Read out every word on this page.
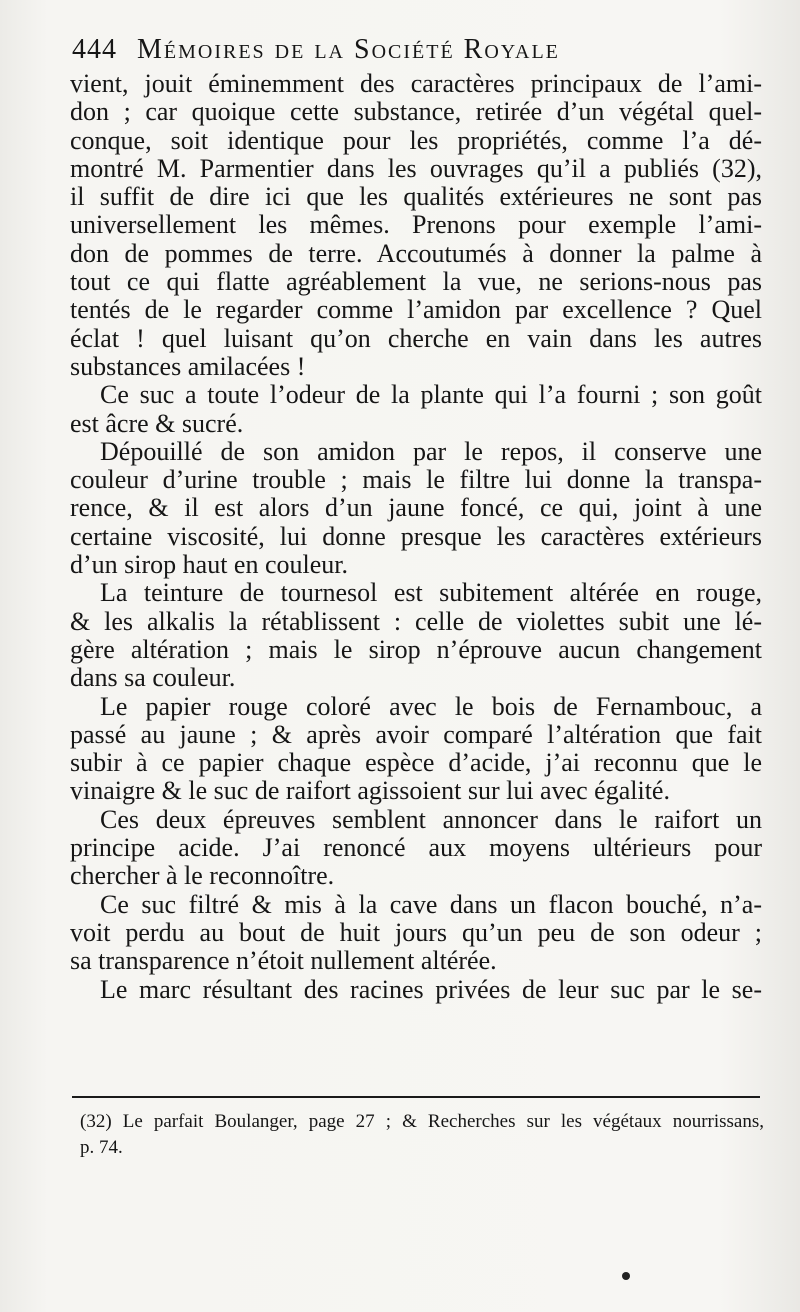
444 Mémoires de la Société Royale
vient, jouit éminemment des caractères principaux de l’ami-
don ; car quoique cette substance, retirée d’un végétal quel-
conque, soit identique pour les propriétés, comme l’a dé-
montré M. Parmentier dans les ouvrages qu’il a publiés (32),
il suffit de dire ici que les qualités extérieures ne sont pas
universellement les mêmes. Prenons pour exemple l’ami-
don de pommes de terre. Accoutumés à donner la palme à
tout ce qui flatte agréablement la vue, ne serions-nous pas
tentés de le regarder comme l’amidon par excellence ? Quel
éclat ! quel luisant qu’on cherche en vain dans les autres
substances amilacées !
Ce suc a toute l’odeur de la plante qui l’a fourni ; son goût
est âcre & sucré.
Dépouillé de son amidon par le repos, il conserve une
couleur d’urine trouble ; mais le filtre lui donne la transpa-
rence, & il est alors d’un jaune foncé, ce qui, joint à une
certaine viscosité, lui donne presque les caractères extérieurs
d’un sirop haut en couleur.
La teinture de tournesol est subitement altérée en rouge,
& les alkalis la rétablissent : celle de violettes subit une lé-
gère altération ; mais le sirop n’éprouve aucun changement
dans sa couleur.
Le papier rouge coloré avec le bois de Fernambouc, a
passé au jaune ; & après avoir comparé l’altération que fait
subir à ce papier chaque espèce d’acide, j’ai reconnu que le
vinaigre & le suc de raifort agissoient sur lui avec égalité.
Ces deux épreuves semblent annoncer dans le raifort un
principe acide. J’ai renoncé aux moyens ultérieurs pour
chercher à le reconnoître.
Ce suc filtré & mis à la cave dans un flacon bouché, n’a-
voit perdu au bout de huit jours qu’un peu de son odeur ;
sa transparence n’étoit nullement altérée.
Le marc résultant des racines privées de leur suc par le se-
(32) Le parfait Boulanger, page 27 ; & Recherches sur les végétaux nourrissans,
p. 74.
